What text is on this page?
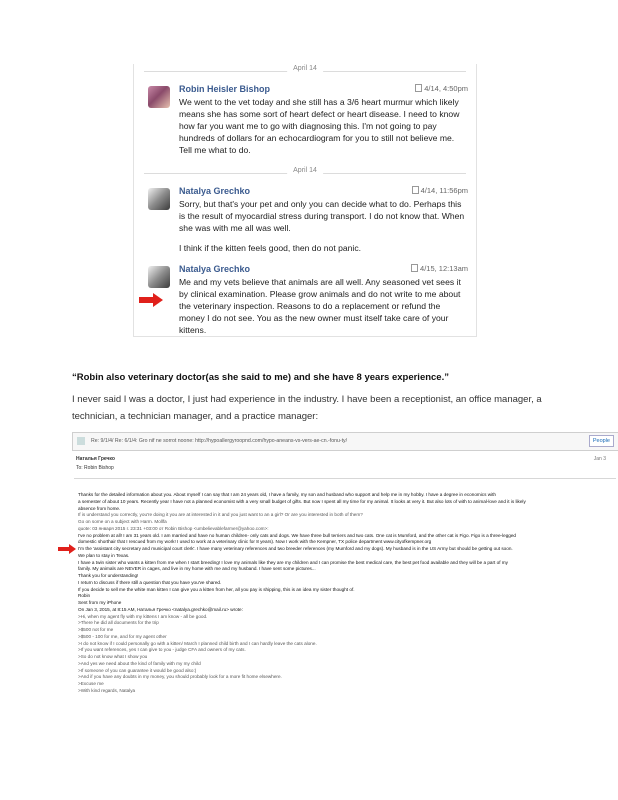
April 14
Robin Heisler Bishop	4/14, 4:50pm
We went to the vet today and she still has a 3/6 heart murmur which likely means she has some sort of heart defect or heart disease. I need to know how far you want me to go with diagnosing this. I'm not going to pay hundreds of dollars for an echocardiogram for you to still not believe me. Tell me what to do.
April 14
Natalya Grechko	4/14, 11:56pm
Sorry, but that's your pet and only you can decide what to do. Perhaps this is the result of myocardial stress during transport. I do not know that. When she was with me all was well.
I think if the kitten feels good, then do not panic.
Natalya Grechko	4/15, 12:13am
Me and my vets believe that animals are all well. Any seasoned vet sees it by clinical examination. Please grow animals and do not write to me about the veterinary inspection. Reasons to do a replacement or refund the money I do not see. You as the new owner must itself take care of your kittens.
“Robin also veterinary doctor(as she said to me) and she have 8 years experience.”
I never said I was a doctor, I just had experience in the industry. I have been a receptionist, an office manager, a technician, a technician manager, and a practice manager:
Re: 9/1/4/ Re: 6/1/4: Gro nif ne sorrot noone: http://hypoallergyroopnd.com/hypo-aneans-vs-vers-ae-cn.-fonu-ty/	People
Наталья Гречко
To: Robin Bishop
Jan 3
Thanks for the detailed information about you. About myself I can say that I am 24 years old, I have a family, my son and husband who support and help me in my hobby. I have a degree in economics with
a semester of about 10 years. Recently year I have not a planned economist with a very small budget of gifts. But now I spent all my time for my animal. It looks at very it. But also lots of with to animal-love and it is likely
absence from home.
If is understand you correctly, you're doing it you are at interested in it and you just want to an a girl? Or are you interested in both of them?
Go on some on a subject with Harm. Mollfa
quote: 03 января 2015 г. 23:31 +03:00 от Robin Bishop <umbelievablefarmer@yahoo.com>:
I've no problem at all! I am 31 years old. I am married and have no human children- only cats and dogs. We have three bull terriers and two cats. One cat is Mumford, and the other cat is Figo. Figo is a three-legged
domestic shorthair that I rescued from my work! I used to work at a veterinary clinic for 8 years). Now I work with the Kempner, TX police department www.cityofkempner.org
I'm the 'assistant city secretary and municipal court clerk'. I have many veterinary references and two breeder references (my Mumford and my dogs). My husband is in the US Army but should be getting out soon.
We plan to stay in Texas.
I have a twin sister who wants a kitten from me when I start breeding! I love my animals like they are my children and I can promise the best medical care, the best pet food available and they will be a part of my
family. My animals are NEVER in cages, and live in my home with me and my husband. I have sent some pictures...
Thank you for understanding!
I return to discuss if there still a question that you have you've shared.
If you decide to sell me the white man kitten I can give you a kitten from her, all you pay is shipping, this is an idea my sister thought of.
Robin
Sent from my iPhone
On Jan 3, 2015, at 8:15 AM, Наталья Гречко <natalya.grechko@mail.ru> wrote:
>Hi, when my agent fly with my kittens I am know - all be good.
>There he did all documents for the trip
>$500 not for me
>$500 - 100 for me, and for my agent other
>I do not know if I could personally go with a kitten/ March I planned child birth and I can hardly leave the cats alone.
>If you want references, yes I can give to you - judge CFA and owners of my cats.
>So do not know what I show you
>And yes we need about the kind of family with my my child
>If someone of you can guarantee it would be good also:)
>And if you have any doubts in my money, you should probably look for a more fit home elsewhere.
>Excuse me
>With kind regards, Natalya
